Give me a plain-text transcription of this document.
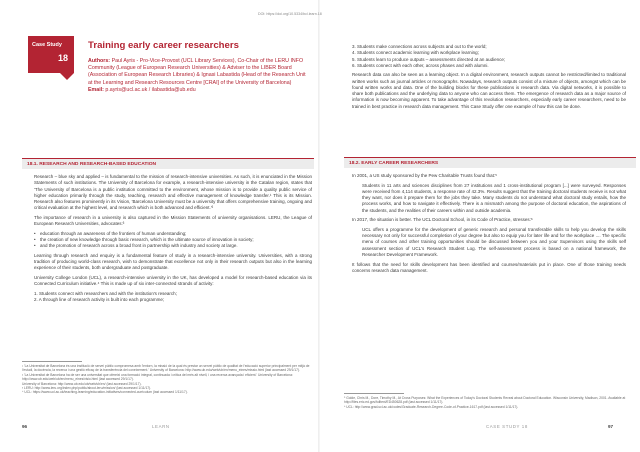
Case Study
18
Training early career researchers
Authors: Paul Ayris - Pro-Vice-Provost (UCL Library Services), Co-Chair of the LERU INFO Community (League of European Research Universities) & Adviser to the LIBER Board (Association of European Research Libraries) & Ignasi Labastida (Head of the Research Unit at the Learning and Research Resources Centre [CRAI] of the University of Barcelona)
Email: p.ayris@ucl.ac.uk / ilabastida@ub.edu
18.1. RESEARCH AND RESEARCH-BASED EDUCATION

Research – blue sky and applied – is fundamental to the mission of research-intensive universities. As such, it is enunciated in the Mission Statements of such institutions. The University of Barcelona for example, a research-intensive university in the Catalan region, states that 'The University of Barcelona is a public institution committed to the environment, whose mission is to provide a quality public service of higher education primarily through the study, teaching, research and effective management of knowledge transfer.¹ This is its Mission. Research also features prominently in its Vision, 'Barcelona University must be a university that offers comprehensive training, ongoing and critical evaluation at the highest level, and research which is both advanced and efficient.'²

The importance of research in a university is also captured in the Mission Statements of university organisations. LERU, the League of European Research Universities, advocates:³

• education through an awareness of the frontiers of human understanding;
• the creation of new knowledge through basic research, which is the ultimate source of innovation in society;
• and the promotion of research across a broad front in partnership with industry and society at large.

Learning through research and enquiry is a fundamental feature of study in a research-intensive university. Universities, with a strong tradition of producing world-class research, wish to demonstrate that excellence not only in their research outputs but also in the learning experience of their students, both undergraduate and postgraduate.

University College London (UCL), a research-intensive university in the UK, has developed a model for research-based education via its Connected Curriculum initiative.⁴ This is made up of six inter-connected strands of activity:

1. Students connect with researchers and with the institution's research;
2. A through line of research activity is built into each programme;
¹ 'La Universitat de Barcelona és una institució de servei públic compromesa amb l'entorn, la missió de la qual és prestar un servei públic de qualitat de l'educació superior principalment per mitjà de l'estudi, la docència, la recerca i una gestió eficaç de la transferència del coneixement.' University of Barcelona: http://www.ub.edu/web/ub/en/menu_eines/missio.html (last accessed 29/1/17).
² 'La Universitat de Barcelona ha de ser una universitat que ofereixi una formació integral, continuada i crítica del més alt nivell, i una recerca avançada i eficient.' University of Barcelona: http://www.ub.edu/web/ub/en/menu_eines/visio.html (last accessed 29/1/17).
University of Barcelona: http://www.ub.edu/ub/web/ub/en/ (last accessed 29/1/17).
³ LERU: http://www.leru.org/index.php/public/about-leru/mission/ (last accessed 1/11/17).
⁴ UCL: https://www.ucl.ac.uk/teaching-learning/education-initiatives/connected-curriculum (last accessed 1/11/17).
96	LEARN
DOI: https://doi.org/10.5334/bcl.learn.18
3. Students make connections across subjects and out to the world;
4. Students connect academic learning with workplace learning;
5. Students learn to produce outputs – assessments directed at an audience;
6. Students connect with each other, across phases and with alumni.

Research data can also be seen as a learning object. In a digital environment, research outputs cannot be restricted/limited to traditional written works such as journal articles or monographs. Nowadays, research outputs consist of a mixture of objects, amongst which can be found written works and data. One of the building blocks for these publications is research data. Via digital networks, it is possible to share both publications and the underlying data to anyone who can access them. The emergence of research data as a major source of information is now becoming apparent. To take advantage of this revolution researchers, especially early career researchers, need to be trained in best practice in research data management. This Case Study offer one example of how this can be done.

18.2. EARLY CAREER RESEARCHERS

In 2001, a US study sponsored by the Pew Charitable Trusts found that:⁵

Students in 11 arts and sciences disciplines from 27 institutions and 1 cross-institutional program [...] were surveyed. Responses were received from 4,114 students, a response rate of 42.3%. Results suggest that the training doctoral students receive is not what they want, nor does it prepare them for the jobs they take. Many students do not understand what doctoral study entails, how the process works, and how to navigate it effectively. There is a mismatch among the purpose of doctoral education, the aspirations of the students, and the realities of their careers within and outside academia.

In 2017, the situation is better. The UCL Doctoral School, in its Code of Practice, stresses:⁶

UCL offers a programme for the development of generic research and personal transferable skills to help you develop the skills necessary not only for successful completion of your degree but also to equip you for later life and for the workplace .... The specific menu of courses and other training opportunities should be discussed between you and your Supervisors using the skills self assessment section of UCL's Research Student Log. The self-assessment process is based on a national framework, the Researcher Development Framework.

It follows that the need for skills development has been identified and courses/materials put in place. One of those training needs concerns research data management.

⁵ Golde, Chris M., Dore, Timothy M., At Cross Purposes: What the Experiences of Today's Doctoral Students Reveal about Doctoral Education. Wisconsin University, Madison, 2001. Available at http://files.eric.ed.gov/fulltext/ED450628.pdf (last accessed 1/11/17).
⁶ UCL: http://www.grad.ucl.ac.uk/codes/Graduate-Research-Degree-Code-of-Practice-1617.pdf (last accessed 1/11/17).
CASE STUDY 18	97
